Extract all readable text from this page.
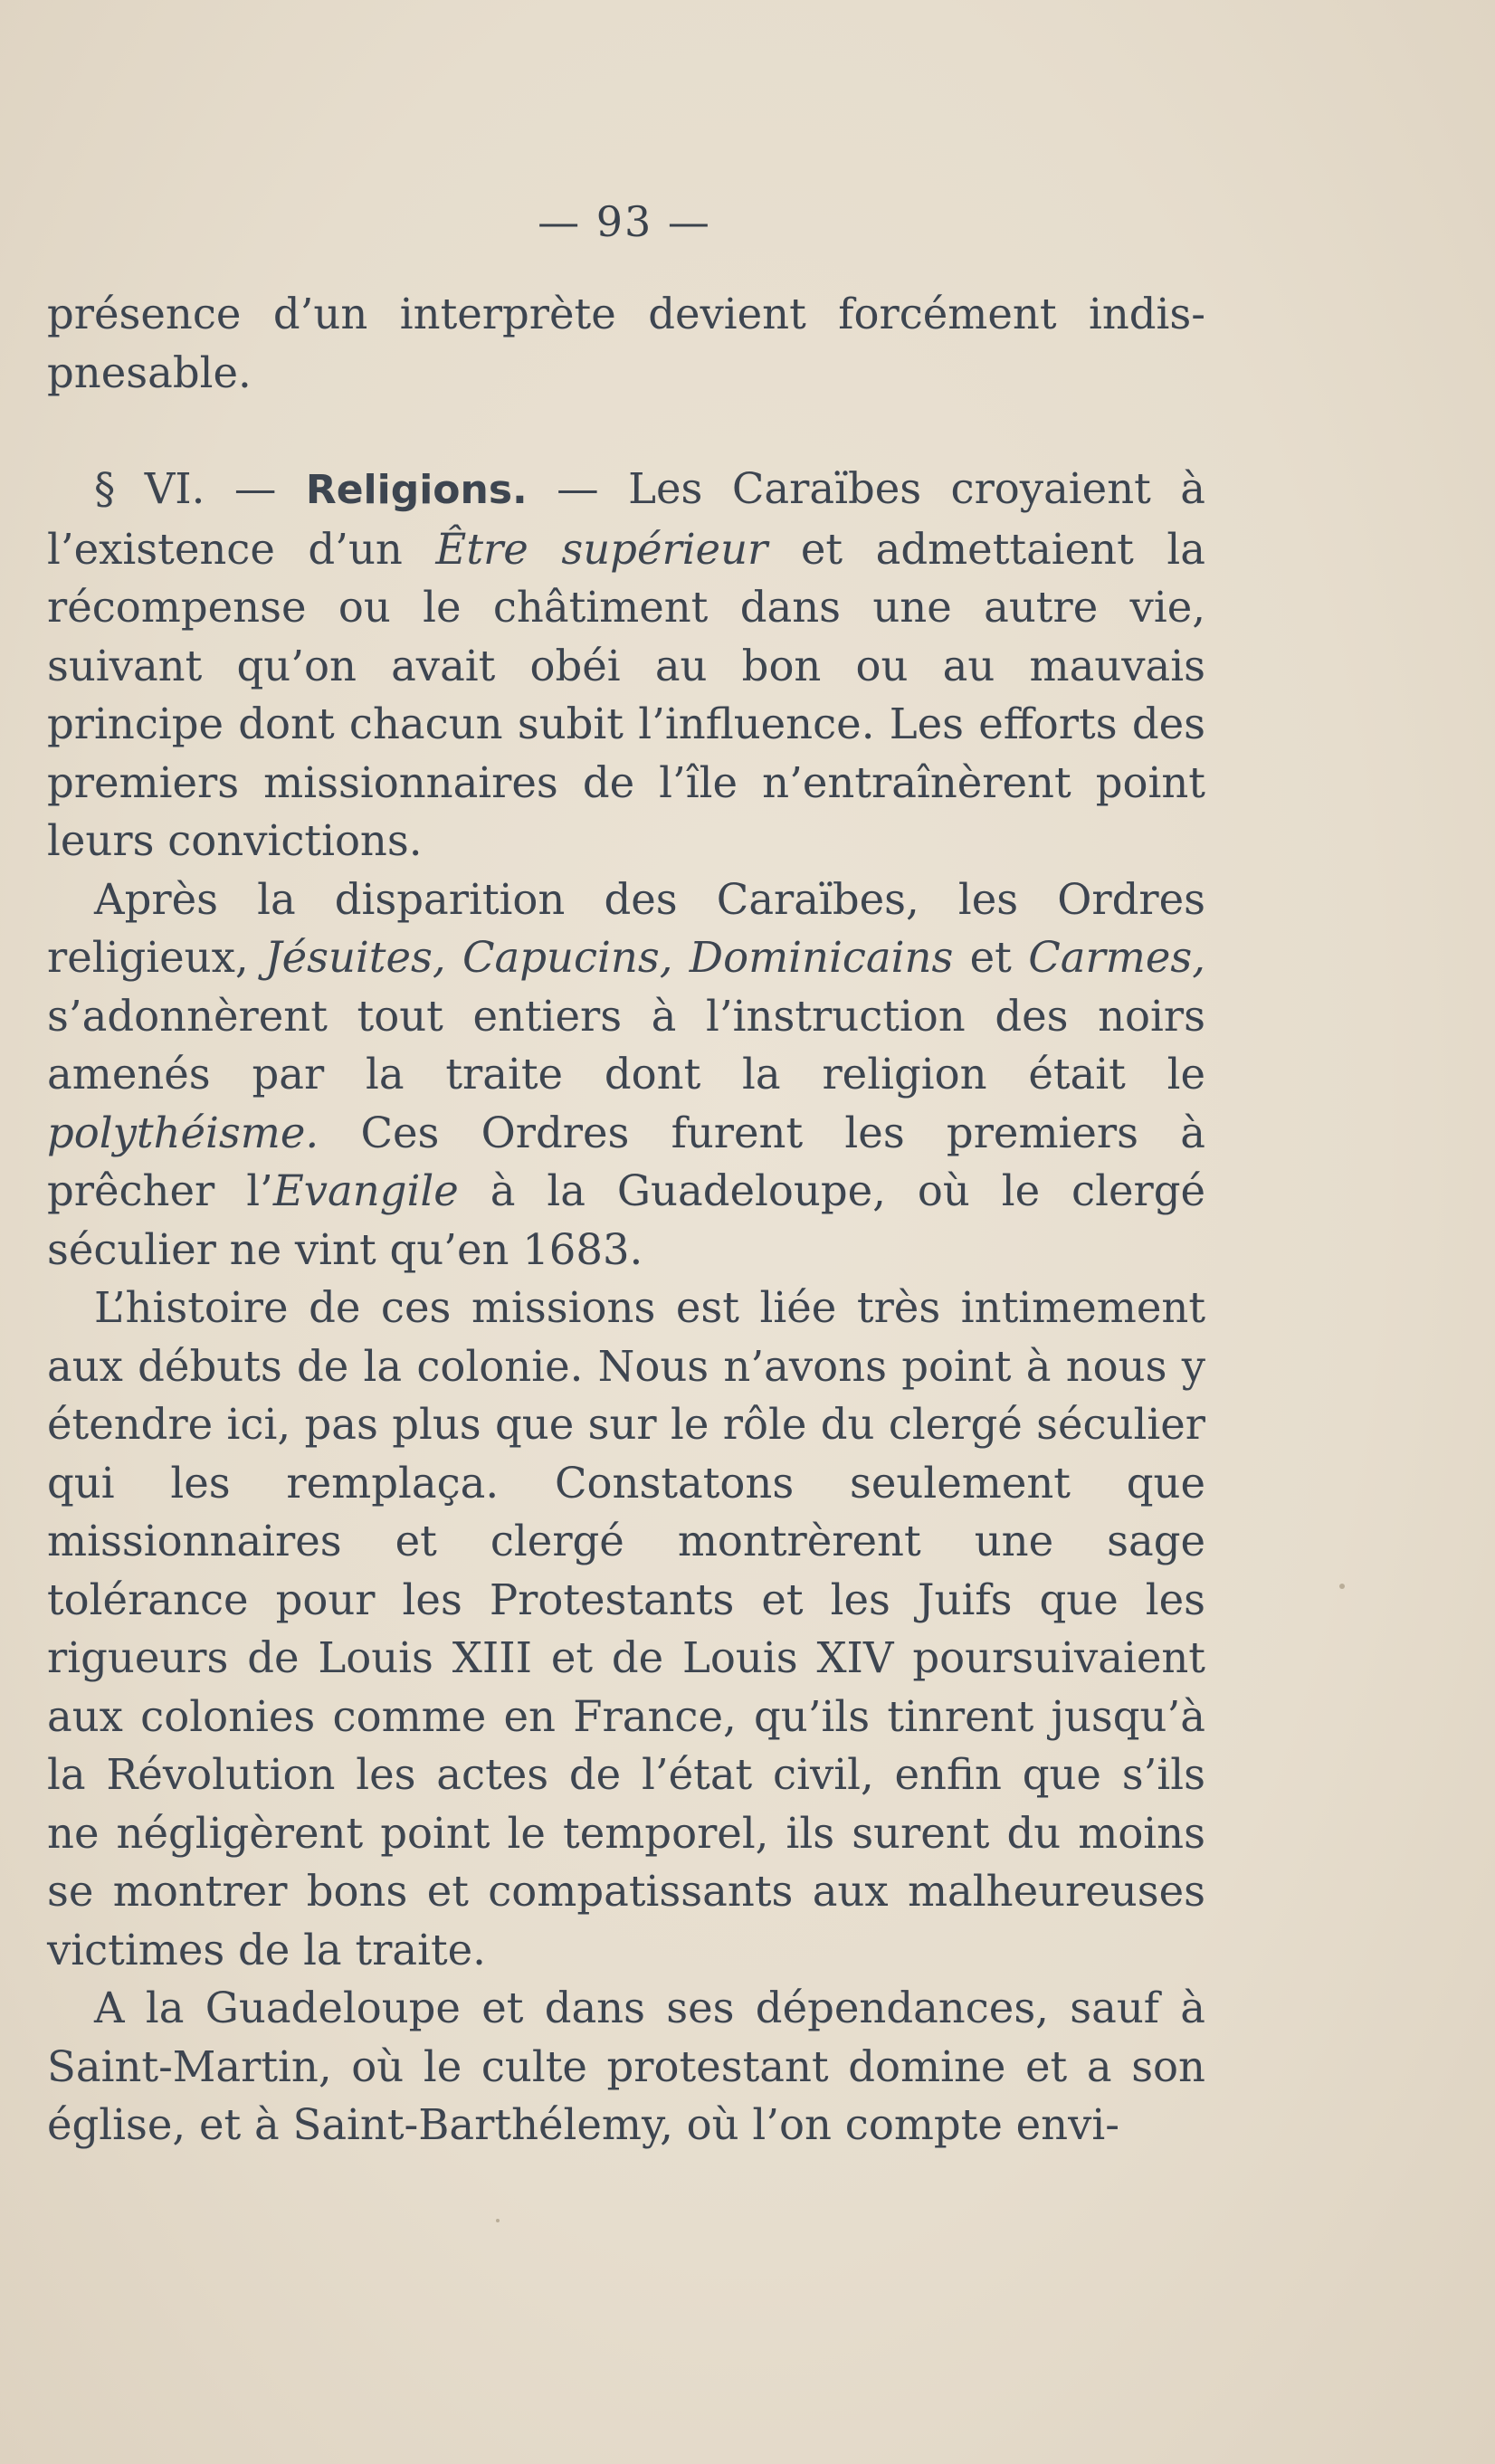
— 93 —

présence d’un interprète devient forcément indis-pnesable.

§ VI. — Religions. — Les Caraïbes croyaient à l’existence d’un Être supérieur et admettaient la récompense ou le châtiment dans une autre vie, suivant qu’on avait obéi au bon ou au mauvais principe dont chacun subit l’influence. Les efforts des premiers missionnaires de l’île n’entraînèrent point leurs convictions.

Après la disparition des Caraïbes, les Ordres religieux, Jésuites, Capucins, Dominicains et Carmes, s’adonnèrent tout entiers à l’instruction des noirs amenés par la traite dont la religion était le polythéisme. Ces Ordres furent les premiers à prêcher l’Evangile à la Guadeloupe, où le clergé séculier ne vint qu’en 1683.

L’histoire de ces missions est liée très intimement aux débuts de la colonie. Nous n’avons point à nous y étendre ici, pas plus que sur le rôle du clergé séculier qui les remplaça. Constatons seulement que missionnaires et clergé montrèrent une sage tolérance pour les Protestants et les Juifs que les rigueurs de Louis XIII et de Louis XIV poursuivaient aux colonies comme en France, qu’ils tinrent jusqu’à la Révolution les actes de l’état civil, enfin que s’ils ne négligèrent point le temporel, ils surent du moins se montrer bons et compatissants aux malheureuses victimes de la traite.

A la Guadeloupe et dans ses dépendances, sauf à Saint-Martin, où le culte protestant domine et a son église, et à Saint-Barthélemy, où l’on compte envi-
